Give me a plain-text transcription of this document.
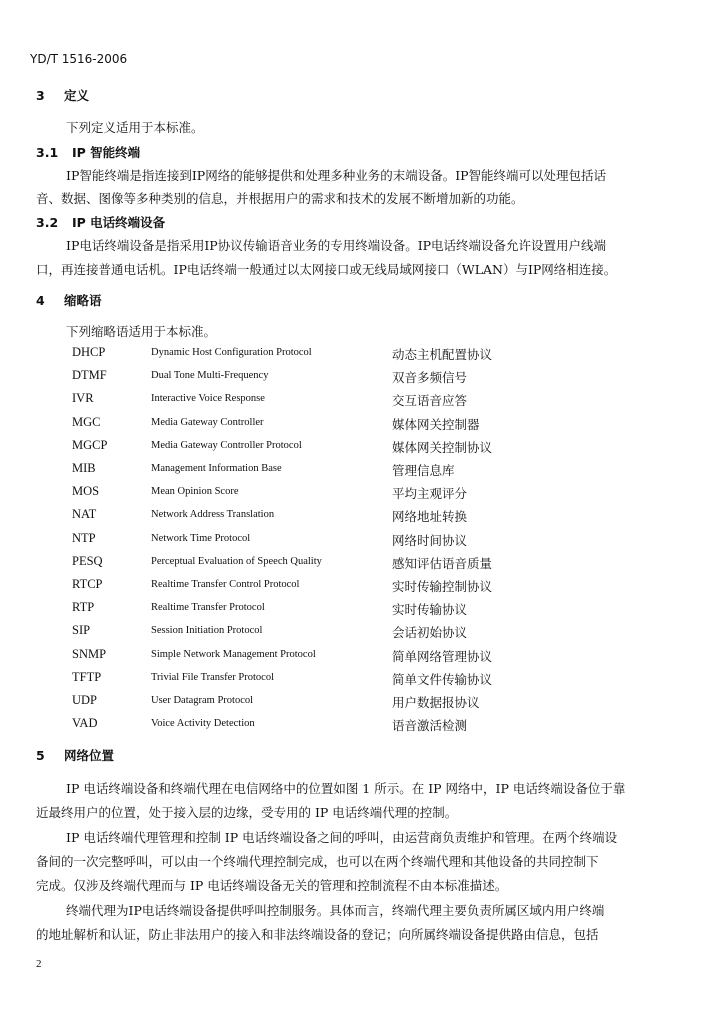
YD/T 1516-2006
3 定义
下列定义适用于本标准。
3.1 IP 智能终端
IP智能终端是指连接到IP网络的能够提供和处理多种业务的末端设备。IP智能终端可以处理包括话
音、数据、图像等多种类别的信息，并根据用户的需求和技术的发展不断增加新的功能。
3.2 IP 电话终端设备
IP电话终端设备是指采用IP协议传输语音业务的专用终端设备。IP电话终端设备允许设置用户线端
口，再连接普通电话机。IP电话终端一般通过以太网接口或无线局域网接口（WLAN）与IP网络相连接。
4 缩略语
下列缩略语适用于本标准。
DHCP	Dynamic Host Configuration Protocol	动态主机配置协议
DTMF	Dual Tone Multi-Frequency	双音多频信号
IVR	Interactive Voice Response	交互语音应答
MGC	Media Gateway Controller	媒体网关控制器
MGCP	Media Gateway Controller Protocol	媒体网关控制协议
MIB	Management Information Base	管理信息库
MOS	Mean Opinion Score	平均主观评分
NAT	Network Address Translation	网络地址转换
NTP	Network Time Protocol	网络时间协议
PESQ	Perceptual Evaluation of Speech Quality	感知评估语音质量
RTCP	Realtime Transfer Control Protocol	实时传输控制协议
RTP	Realtime Transfer Protocol	实时传输协议
SIP	Session Initiation Protocol	会话初始协议
SNMP	Simple Network Management Protocol	简单网络管理协议
TFTP	Trivial File Transfer Protocol	简单文件传输协议
UDP	User Datagram Protocol	用户数据报协议
VAD	Voice Activity Detection	语音激活检测
5 网络位置
IP 电话终端设备和终端代理在电信网络中的位置如图 1 所示。在 IP 网络中，IP 电话终端设备位于靠
近最终用户的位置，处于接入层的边缘，受专用的 IP 电话终端代理的控制。
IP 电话终端代理管理和控制 IP 电话终端设备之间的呼叫，由运营商负责维护和管理。在两个终端设
备间的一次完整呼叫，可以由一个终端代理控制完成，也可以在两个终端代理和其他设备的共同控制下
完成。仅涉及终端代理而与 IP 电话终端设备无关的管理和控制流程不由本标准描述。
终端代理为IP电话终端设备提供呼叫控制服务。具体而言，终端代理主要负责所属区域内用户终端
的地址解析和认证，防止非法用户的接入和非法终端设备的登记；向所属终端设备提供路由信息，包括
2
